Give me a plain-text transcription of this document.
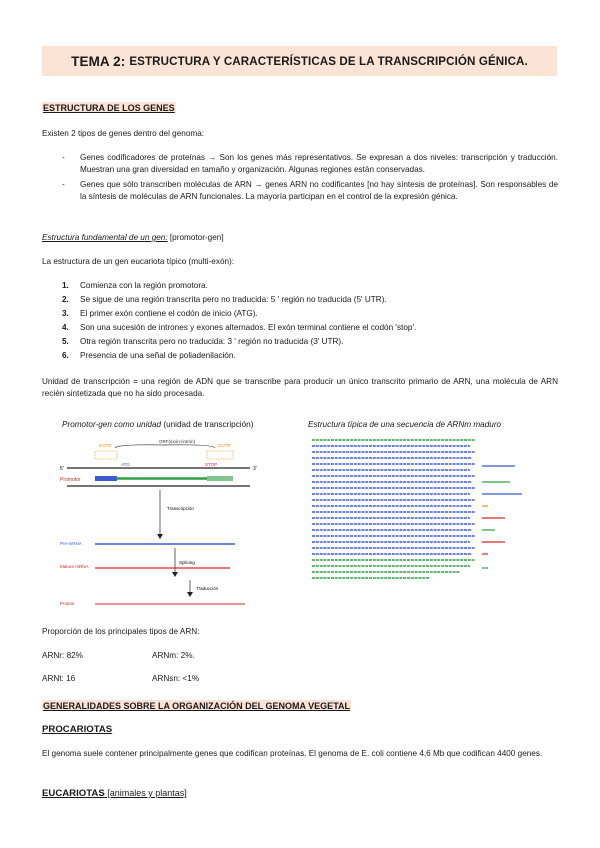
TEMA 2: ESTRUCTURA Y CARACTERÍSTICAS DE LA TRANSCRIPCIÓN GÉNICA.
ESTRUCTURA DE LOS GENES
Existen 2 tipos de genes dentro del genoma:
- Genes codificadores de proteínas → Son los genes más representativos. Se expresan a dos niveles: transcripción y traducción. Muestran una gran diversidad en tamaño y organización. Algunas regiones están conservadas.
- Genes que sólo transcriben moléculas de ARN → genes ARN no codificantes [no hay síntesis de proteínas]. Son responsables de la síntesis de moléculas de ARN funcionales. La mayoría participan en el control de la expresión génica.
Estructura fundamental de un gen: [promotor-gen]
La estructura de un gen eucariota típico (multi-exón):
1. Comienza con la región promotora.
2. Se sigue de una región transcrita pero no traducida: 5 ' región no traducida (5' UTR).
3. El primer exón contiene el codón de inicio (ATG).
4. Son una sucesión de intrones y exones alternados. El exón terminal contiene el codón 'stop'.
5. Otra región transcrita pero no traducida: 3 ' región no traducida (3' UTR).
6. Presencia de una señal de poliadenilación.
Unidad de transcripción = una región de ADN que se transcribe para producir un único transcrito primario de ARN, una molécula de ARN recién sintetizada que no ha sido procesada.
Promotor-gen como unidad (unidad de transcripción)	Estructura típica de una secuencia de ARNm maduro
5'UTR
ORF(exón+intrón)
3'UTR
5'
ATG	STOP
3'
Promotor
Transcripción
Pre-mRNA
Splicing
Mature mRNA
Traducción
Protein
Proporción de los principales tipos de ARN:
ARNr: 82%	ARNm: 2%.
ARNt: 16	ARNsn: <1%
GENERALIDADES SOBRE LA ORGANIZACIÓN DEL GENOMA VEGETAL
PROCARIOTAS
El genoma suele contener principalmente genes que codifican proteínas. El genoma de E. coli contiene 4,6 Mb que codifican 4400 genes.
EUCARIOTAS [animales y plantas]
